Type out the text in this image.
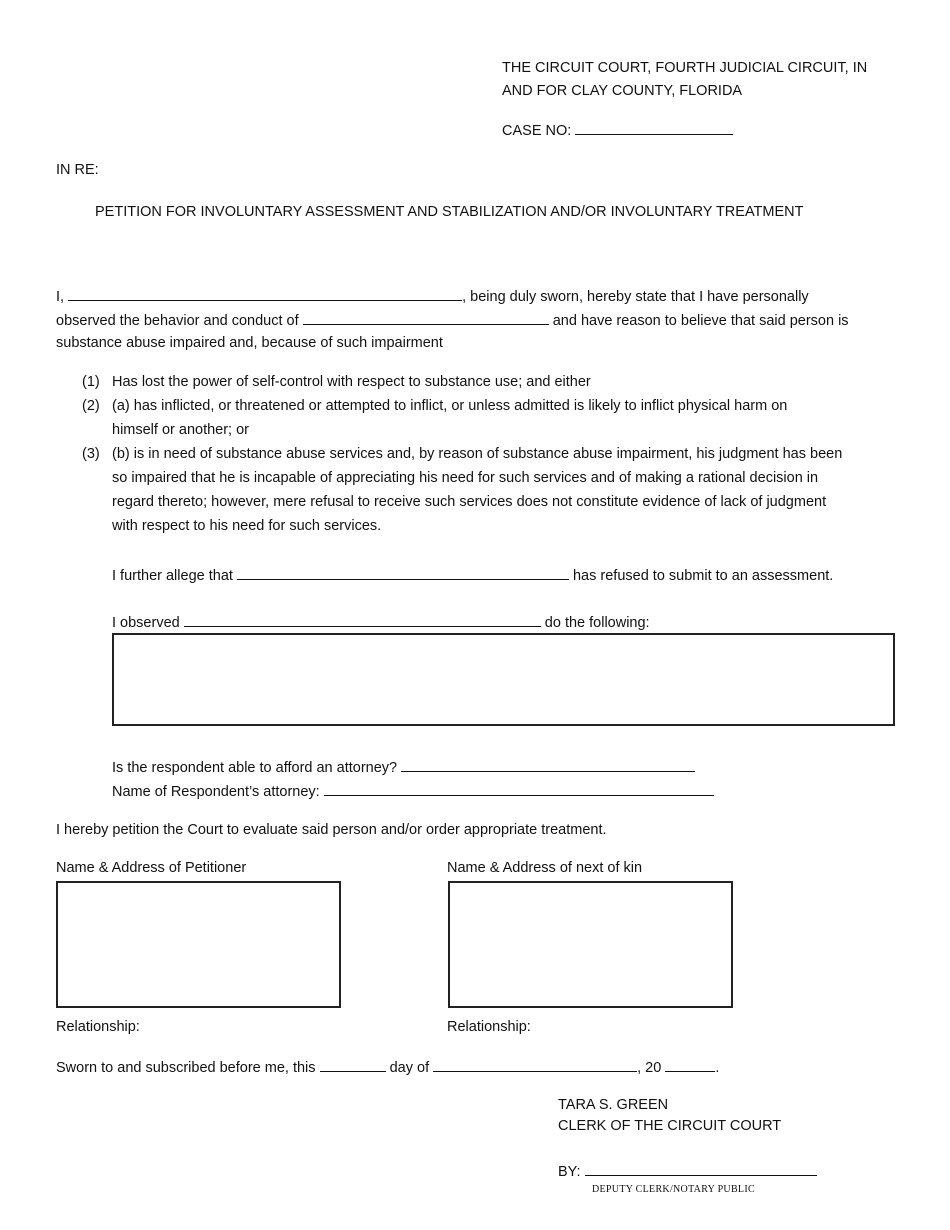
THE CIRCUIT COURT, FOURTH JUDICIAL CIRCUIT, IN
AND FOR CLAY COUNTY, FLORIDA
CASE NO:
IN RE:
PETITION FOR INVOLUNTARY ASSESSMENT AND STABILIZATION AND/OR INVOLUNTARY TREATMENT
I,	, being duly sworn, hereby state that I have personally
observed the behavior and conduct of	and have reason to believe that said person is
substance abuse impaired and, because of such impairment
(1) Has lost the power of self-control with respect to substance use; and either
(2) (a) has inflicted, or threatened or attempted to inflict, or unless admitted is likely to inflict physical harm on
himself or another; or
(3) (b) is in need of substance abuse services and, by reason of substance abuse impairment, his judgment has been
so impaired that he is incapable of appreciating his need for such services and of making a rational decision in
regard thereto; however, mere refusal to receive such services does not constitute evidence of lack of judgment
with respect to his need for such services.
I further allege that	has refused to submit to an assessment.
I observed	do the following:
Is the respondent able to afford an attorney?
Name of Respondent’s attorney:
I hereby petition the Court to evaluate said person and/or order appropriate treatment.
Name & Address of Petitioner	Name & Address of next of kin
Relationship:	Relationship:
Sworn to and subscribed before me, this	day of	, 20	.
TARA S. GREEN
CLERK OF THE CIRCUIT COURT
BY:
DEPUTY CLERK/NOTARY PUBLIC
